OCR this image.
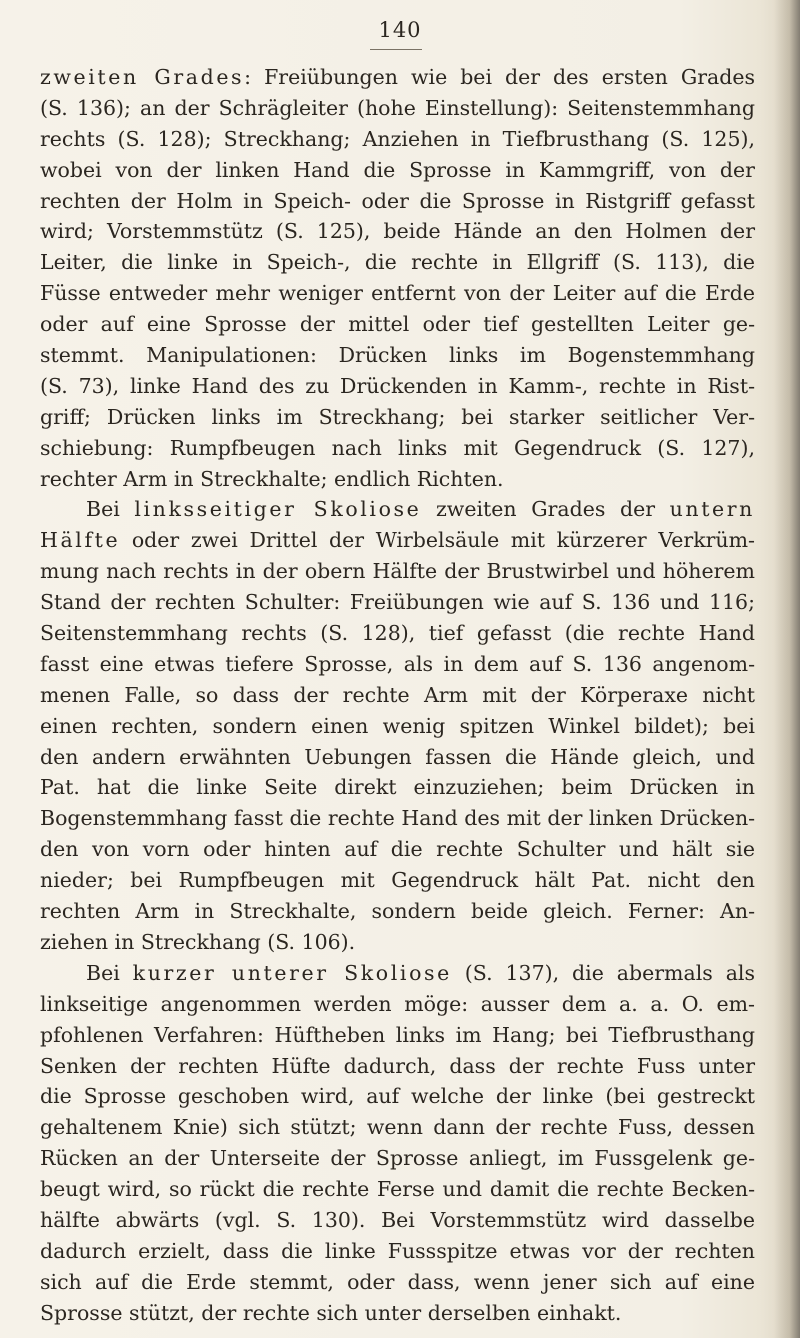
140
zweiten Grades: Freiübungen wie bei der des ersten Grades
(S. 136); an der Schrägleiter (hohe Einstellung): Seitenstemmhang
rechts (S. 128); Streckhang; Anziehen in Tiefbrusthang (S. 125),
wobei von der linken Hand die Sprosse in Kammgriff, von der
rechten der Holm in Speich- oder die Sprosse in Ristgriff gefasst
wird; Vorstemmstütz (S. 125), beide Hände an den Holmen der
Leiter, die linke in Speich-, die rechte in Ellgriff (S. 113), die
Füsse entweder mehr weniger entfernt von der Leiter auf die Erde
oder auf eine Sprosse der mittel oder tief gestellten Leiter ge-
stemmt. Manipulationen: Drücken links im Bogenstemmhang
(S. 73), linke Hand des zu Drückenden in Kamm-, rechte in Rist-
griff; Drücken links im Streckhang; bei starker seitlicher Ver-
schiebung: Rumpfbeugen nach links mit Gegendruck (S. 127),
rechter Arm in Streckhalte; endlich Richten.
Bei linksseitiger Skoliose zweiten Grades der untern
Hälfte oder zwei Drittel der Wirbelsäule mit kürzerer Verkrüm-
mung nach rechts in der obern Hälfte der Brustwirbel und höherem
Stand der rechten Schulter: Freiübungen wie auf S. 136 und 116;
Seitenstemmhang rechts (S. 128), tief gefasst (die rechte Hand
fasst eine etwas tiefere Sprosse, als in dem auf S. 136 angenom-
menen Falle, so dass der rechte Arm mit der Körperaxe nicht
einen rechten, sondern einen wenig spitzen Winkel bildet); bei
den andern erwähnten Uebungen fassen die Hände gleich, und
Pat. hat die linke Seite direkt einzuziehen; beim Drücken in
Bogenstemmhang fasst die rechte Hand des mit der linken Drücken-
den von vorn oder hinten auf die rechte Schulter und hält sie
nieder; bei Rumpfbeugen mit Gegendruck hält Pat. nicht den
rechten Arm in Streckhalte, sondern beide gleich. Ferner: An-
ziehen in Streckhang (S. 106).
Bei kurzer unterer Skoliose (S. 137), die abermals als
linkseitige angenommen werden möge: ausser dem a. a. O. em-
pfohlenen Verfahren: Hüftheben links im Hang; bei Tiefbrusthang
Senken der rechten Hüfte dadurch, dass der rechte Fuss unter
die Sprosse geschoben wird, auf welche der linke (bei gestreckt
gehaltenem Knie) sich stützt; wenn dann der rechte Fuss, dessen
Rücken an der Unterseite der Sprosse anliegt, im Fussgelenk ge-
beugt wird, so rückt die rechte Ferse und damit die rechte Becken-
hälfte abwärts (vgl. S. 130). Bei Vorstemmstütz wird dasselbe
dadurch erzielt, dass die linke Fussspitze etwas vor der rechten
sich auf die Erde stemmt, oder dass, wenn jener sich auf eine
Sprosse stützt, der rechte sich unter derselben einhakt.
